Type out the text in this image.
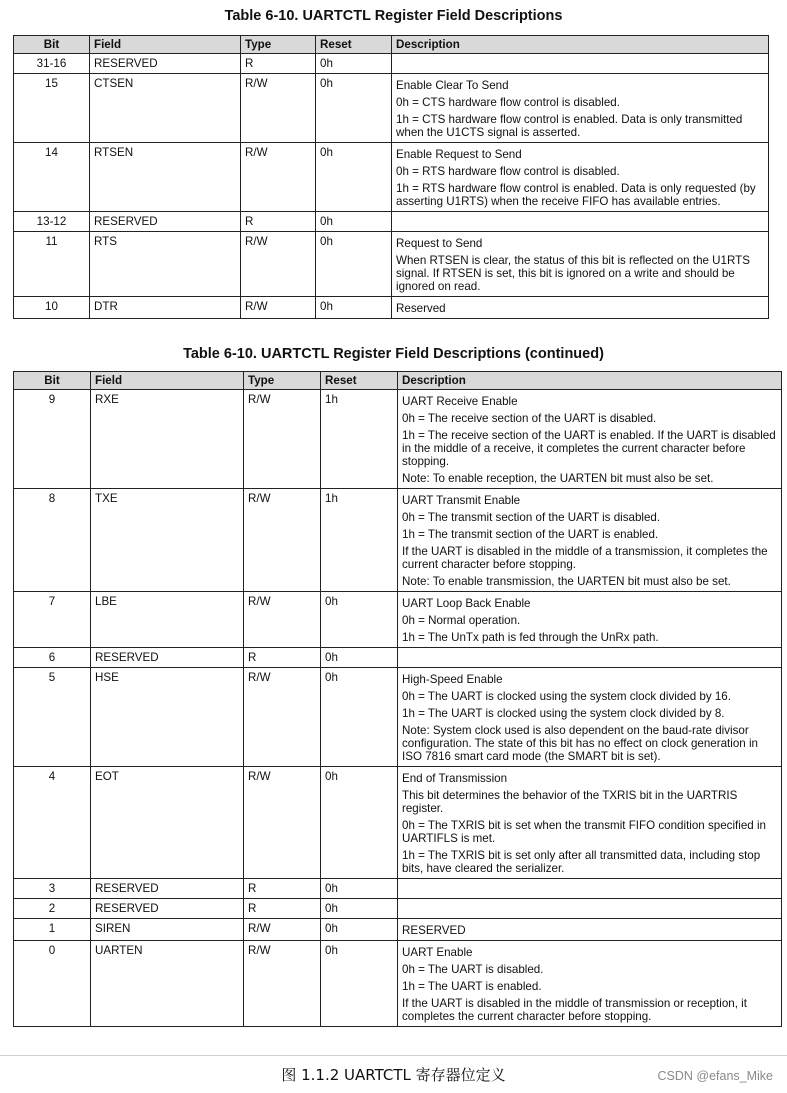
Table 6-10. UARTCTL Register Field Descriptions
Bit	Field	Type	Reset	Description
31-16	RESERVED	R	0h	
15	CTSEN	R/W	0h	Enable Clear To Send
0h = CTS hardware flow control is disabled.
1h = CTS hardware flow control is enabled. Data is only transmitted when the U1CTS signal is asserted.

14	RTSEN	R/W	0h	Enable Request to Send
0h = RTS hardware flow control is disabled.
1h = RTS hardware flow control is enabled. Data is only requested (by asserting U1RTS) when the receive FIFO has available entries.

13-12	RESERVED	R	0h	
11	RTS	R/W	0h	Request to Send
When RTSEN is clear, the status of this bit is reflected on the U1RTS signal. If RTSEN is set, this bit is ignored on a write and should be ignored on read.

10	DTR	R/W	0h	Reserved
Table 6-10. UARTCTL Register Field Descriptions (continued)
Bit	Field	Type	Reset	Description
9	RXE	R/W	1h	UART Receive Enable
0h = The receive section of the UART is disabled.
1h = The receive section of the UART is enabled. If the UART is disabled in the middle of a receive, it completes the current character before stopping.
Note: To enable reception, the UARTEN bit must also be set.

8	TXE	R/W	1h	UART Transmit Enable
0h = The transmit section of the UART is disabled.
1h = The transmit section of the UART is enabled.
If the UART is disabled in the middle of a transmission, it completes the current character before stopping.
Note: To enable transmission, the UARTEN bit must also be set.

7	LBE	R/W	0h	UART Loop Back Enable
0h = Normal operation.
1h = The UnTx path is fed through the UnRx path.

6	RESERVED	R	0h	
5	HSE	R/W	0h	High-Speed Enable
0h = The UART is clocked using the system clock divided by 16.
1h = The UART is clocked using the system clock divided by 8.
Note: System clock used is also dependent on the baud-rate divisor configuration. The state of this bit has no effect on clock generation in ISO 7816 smart card mode (the SMART bit is set).

4	EOT	R/W	0h	End of Transmission
This bit determines the behavior of the TXRIS bit in the UARTRIS register.
0h = The TXRIS bit is set when the transmit FIFO condition specified in UARTIFLS is met.
1h = The TXRIS bit is set only after all transmitted data, including stop bits, have cleared the serializer.

3	RESERVED	R	0h	
2	RESERVED	R	0h	
1	SIREN	R/W	0h	RESERVED

0	UARTEN	R/W	0h	UART Enable
0h = The UART is disabled.
1h = The UART is enabled.
If the UART is disabled in the middle of transmission or reception, it completes the current character before stopping.
图 1.1.2 UARTCTL 寄存器位定义	CSDN @efans_Mike
